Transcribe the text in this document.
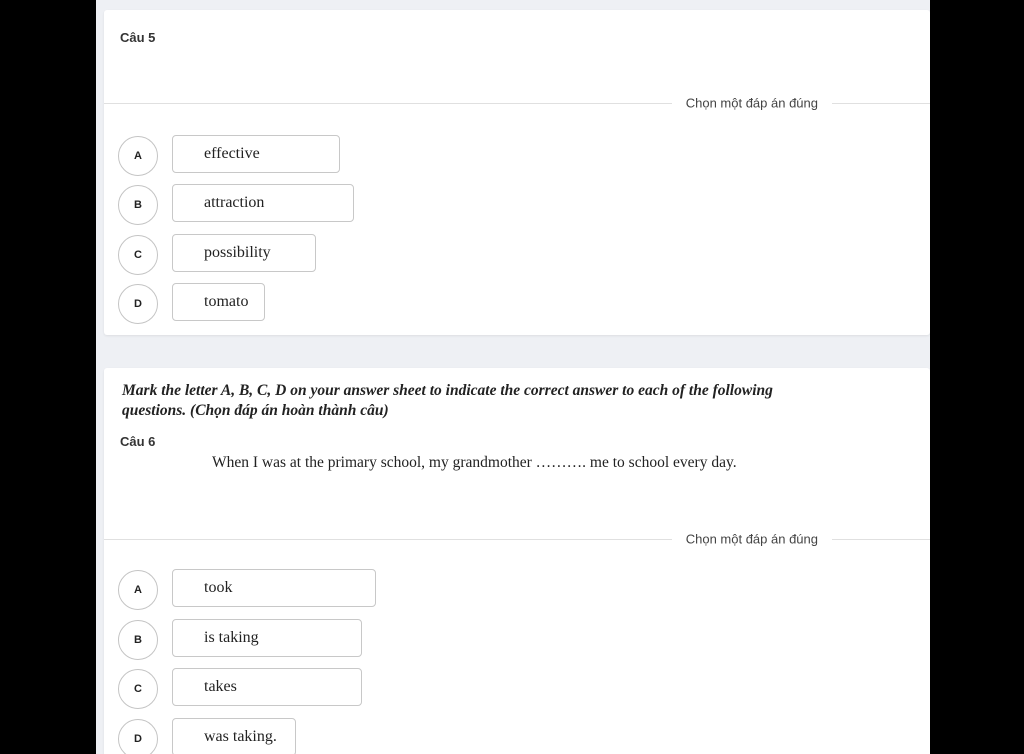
Câu 5
Chọn một đáp án đúng
A	effective
B	attraction
C	possibility
D	tomato
Mark the letter A, B, C, D on your answer sheet to indicate the correct answer to each of the following questions. (Chọn đáp án hoàn thành câu)
Câu 6
When I was at the primary school, my grandmother ………. me to school every day.
Chọn một đáp án đúng
A	took
B	is taking
C	takes
D	was taking.
